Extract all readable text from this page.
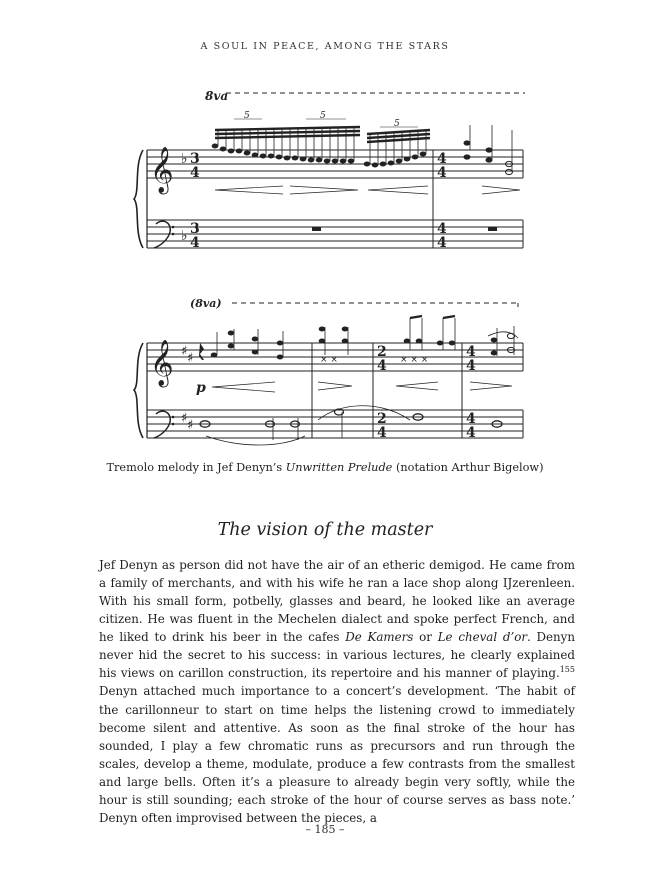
A SOUL IN PEACE, AMONG THE STARS
𝄞 ♭
♭
8va
5	5
5
3
4
3
4
4
4
4
4
𝄞 ♯ ♯
♯ ♯
× ×	× × ×
(8va)
p
2
4
2
4
4
4
4
4
Tremolo melody in Jef Denyn’s Unwritten Prelude (notation Arthur Bigelow)
The vision of the master
Jef Denyn as person did not have the air of an etheric demigod. He came from a family of merchants, and with his wife he ran a lace shop along IJzerenleen. With his small form, potbelly, glasses and beard, he looked like an average citizen. He was fluent in the Mechelen dialect and spoke perfect French, and he liked to drink his beer in the cafes De Kamers or Le cheval d’or. Denyn never hid the secret to his success: in various lectures, he clearly explained his views on carillon construction, its repertoire and his manner of playing.$^{155}$ Denyn attached much importance to a concert’s development. ‘The habit of the carillonneur to start on time helps the listening crowd to immediately become silent and attentive. As soon as the final stroke of the hour has sounded, I play a few chromatic runs as precursors and run through the scales, develop a theme, modulate, produce a few contrasts from the smallest and large bells. Often it’s a pleasure to already begin very softly, while the hour is still sounding; each stroke of the hour of course serves as bass note.’ Denyn often improvised between the pieces, a
– 185 –
